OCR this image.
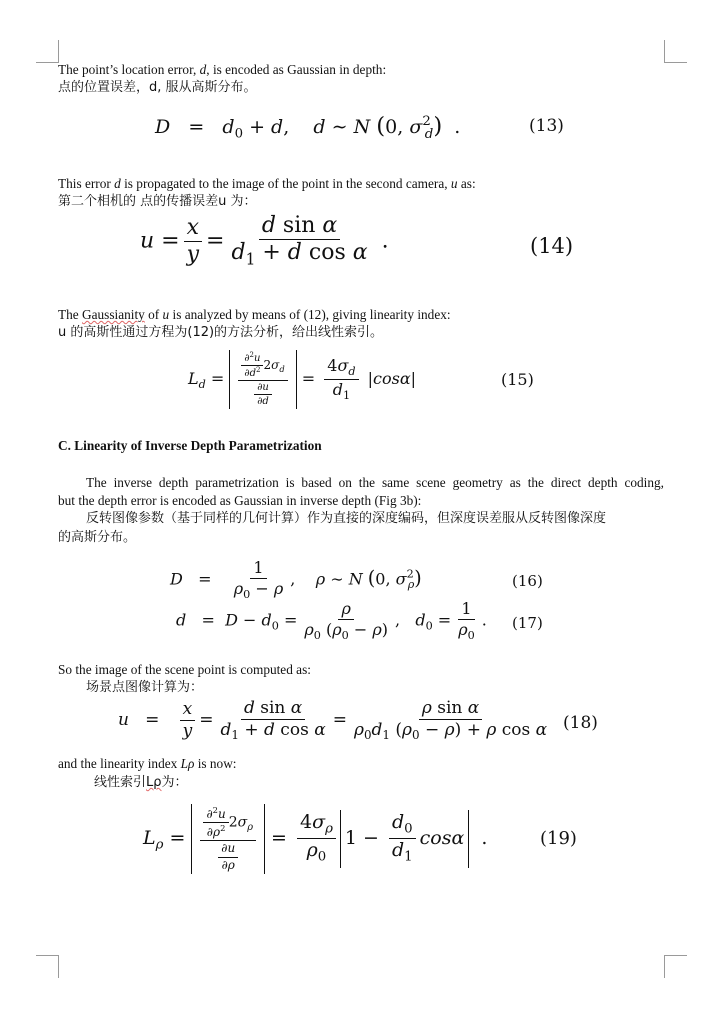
The point’s location error, d, is encoded as Gaussian in depth:
点的位置误差，d, 服从高斯分布。
$D = d_0 + d$,    d ∼ N (0, $\sigma^2_d$)  .	(13)
This error d is propagated to the image of the point in the second camera, u as:
第二个相机的 点的传播误差u 为：
$u = \frac{x}{y} = \frac{\text{d sin α}}{d_1 + d \cos \alpha}$ .	(14)
The Gaussianity of u is analyzed by means of (12), giving linearity index:
u 的高斯性通过方程为(12)的方法分析，给出线性索引。
$L_d = \frac{\frac{\partial^2u}{\partial d^2} 2\sigma_d}{\frac{\partial u}{\partial d}} = \frac{4\sigma_d}{d_1} |\cos\alpha|$	(15)
C. Linearity of Inverse Depth Parametrization
The inverse depth parametrization is based on the same scene geometry as the direct depth coding,
but the depth error is encoded as Gaussian in inverse depth (Fig 3b):
反转图像参数（基于同样的几何计算）作为直接的深度编码，但深度误差服从反转图像深度
的高斯分布。
$D = \frac{1}{\rho_0 - \rho}$ ,    ρ ∼ N (0, $\sigma^2_\rho$)	(16)
$d = D - d_0 = \frac{\rho}{\rho_0 (\rho_0 - \rho)}$ ,   $d_0 = \frac{1}{\rho_0}$ . (17)
So the image of the scene point is computed as:
场景点图像计算为：
$u = \frac{x}{y} = \frac{\text{d sin α}}{d_1 + d \cos \alpha} = \frac{\text{ρ sin α}}{\rho_0d_1 (\rho_0 - \rho) + \rho \cos \alpha} (18)$
and the linearity index Lρ is now:
线性索引Lρ为：
$L_\rho = \frac{\frac{\partial^2u}{\partial\rho^2} 2\sigma_\rho}{\frac{\partial u}{\partial\rho}} = \frac{4\sigma_\rho}{\rho_0} 1 - \frac{d_0}{d_1}$ cosα  .	(19)
